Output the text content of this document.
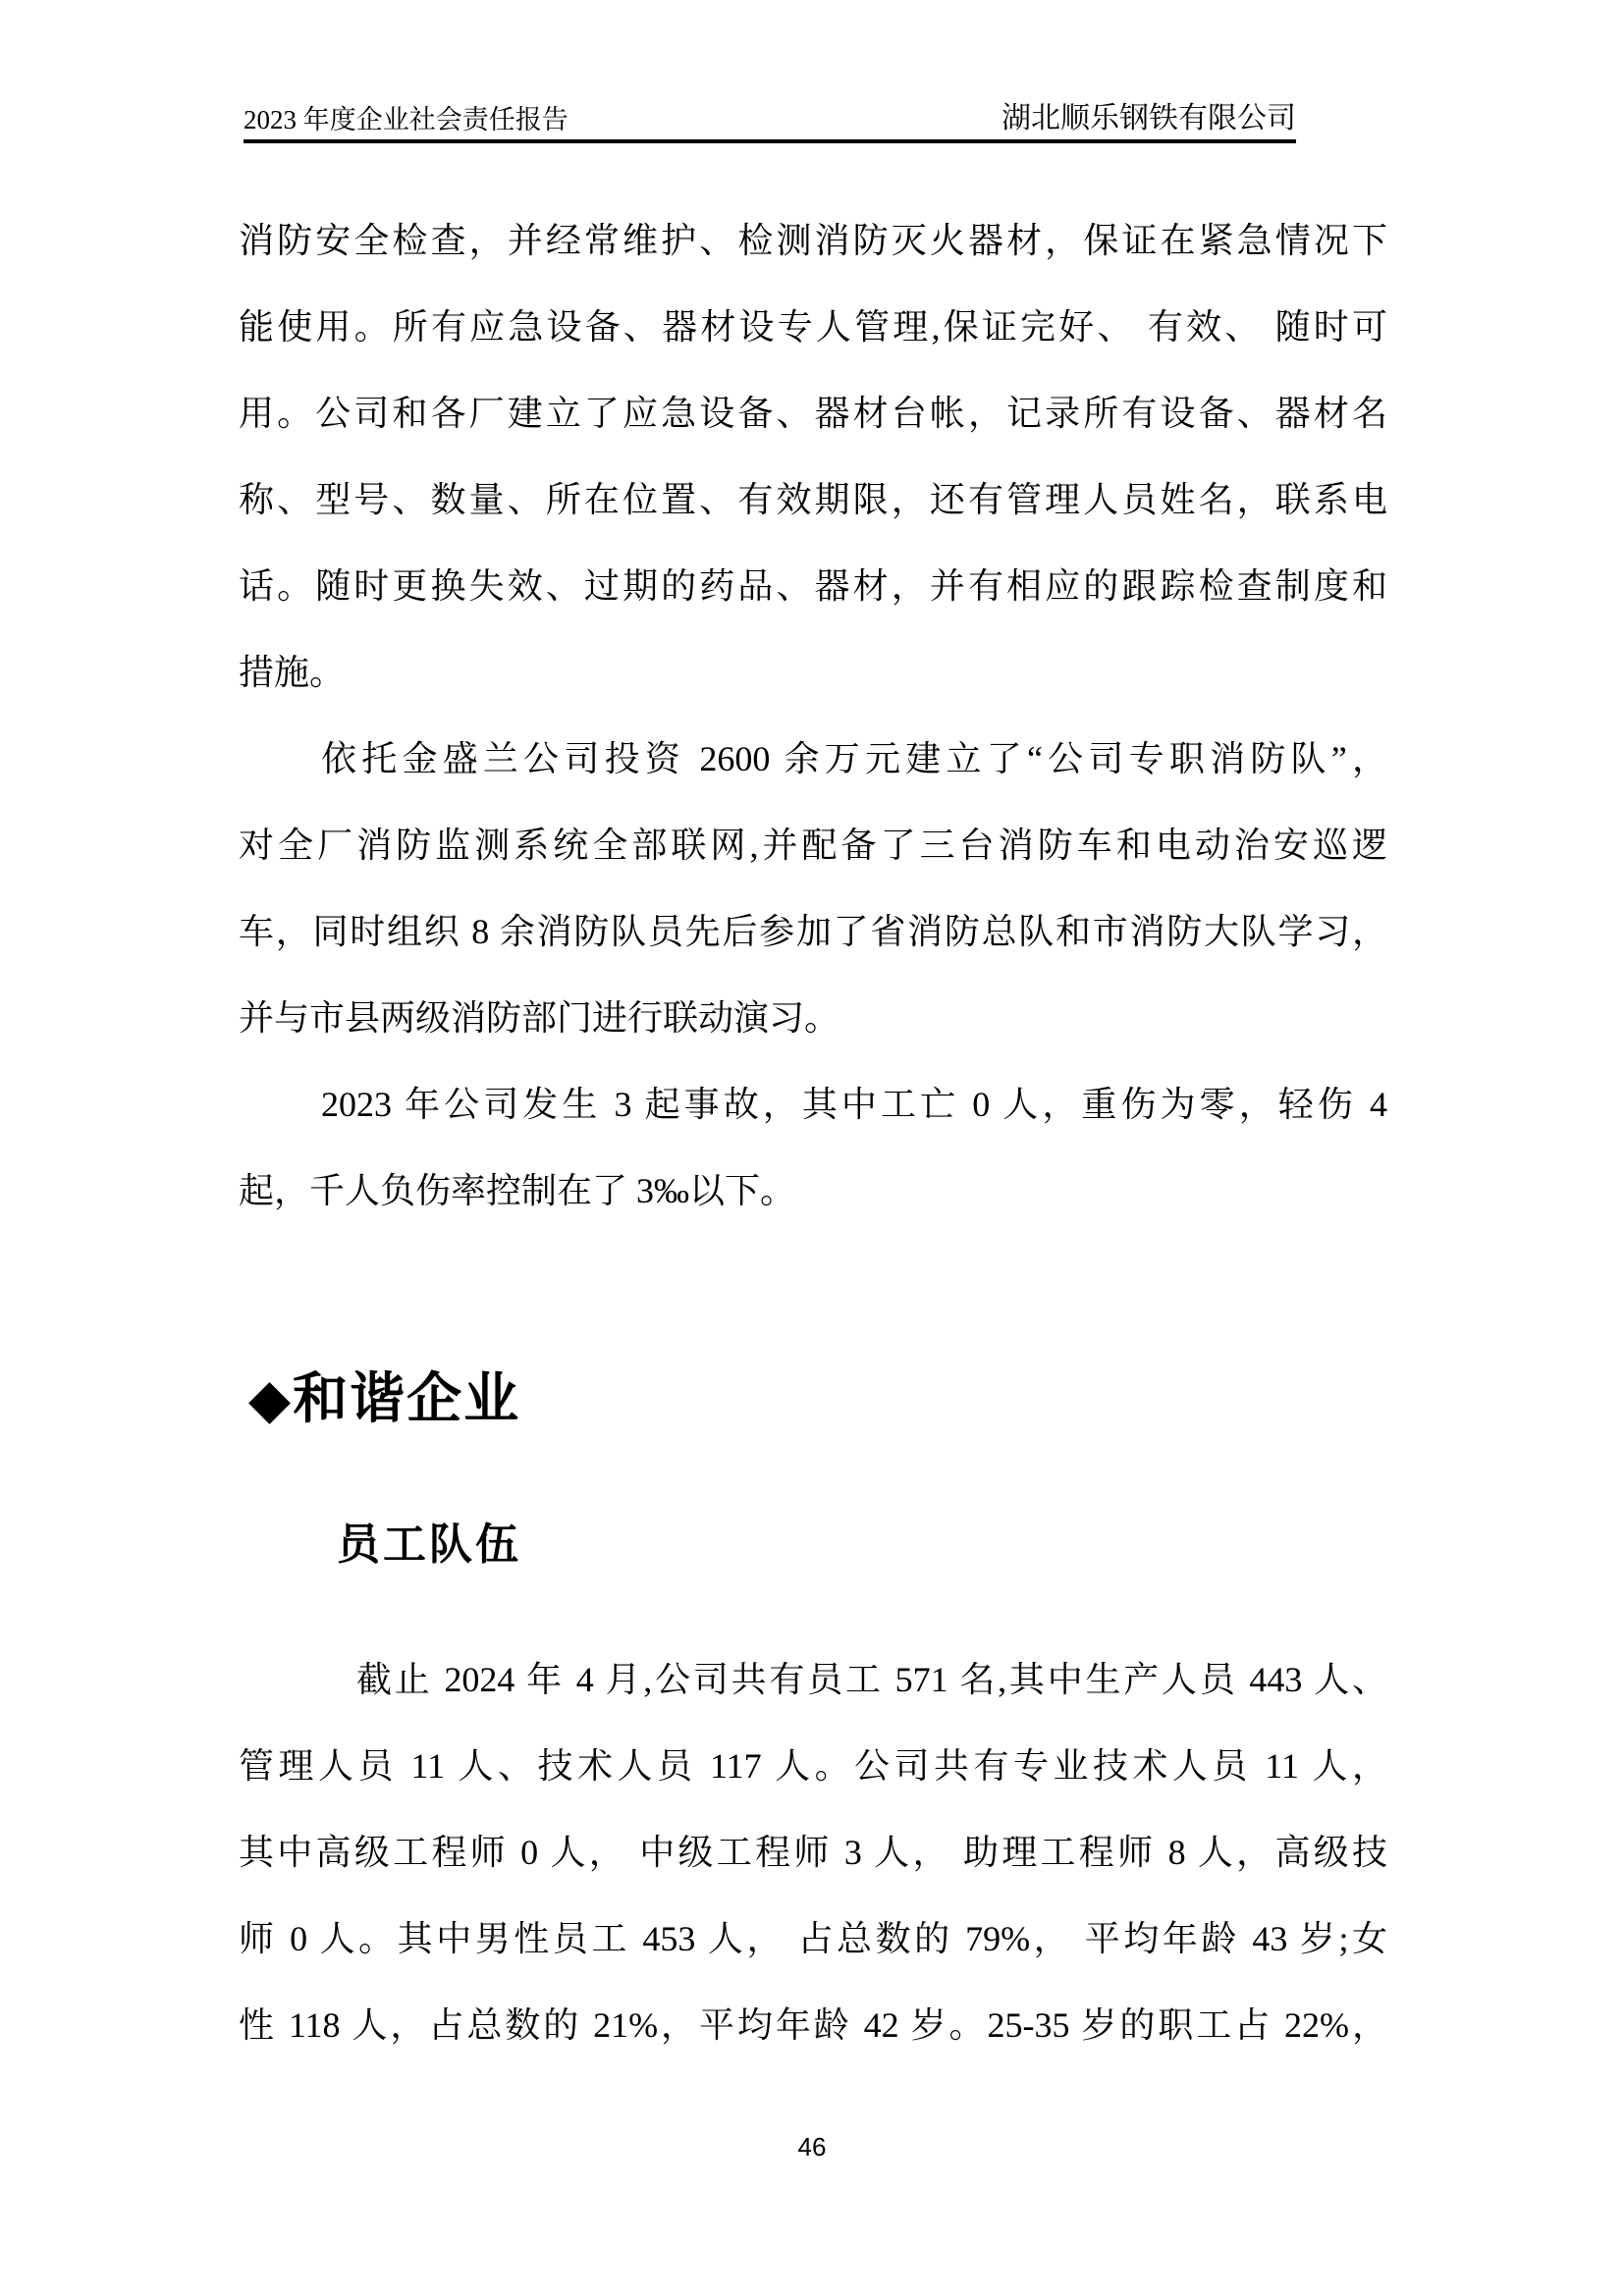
2023 年度企业社会责任报告	湖北顺乐钢铁有限公司
消防安全检查，并经常维护、检测消防灭火器材，保证在紧急情况下
能使用。所有应急设备、器材设专人管理,保证完好、 有效、 随时可
用。公司和各厂建立了应急设备、器材台帐，记录所有设备、器材名
称、型号、数量、所在位置、有效期限，还有管理人员姓名，联系电
话。随时更换失效、过期的药品、器材，并有相应的跟踪检查制度和
措施。
依托金盛兰公司投资 2600 余万元建立了“公司专职消防队”，
对全厂消防监测系统全部联网,并配备了三台消防车和电动治安巡逻
车，同时组织 8 余消防队员先后参加了省消防总队和市消防大队学习，
并与市县两级消防部门进行联动演习。
2023 年公司发生 3 起事故，其中工亡 0 人，重伤为零，轻伤 4
起，千人负伤率控制在了 3‰以下。
◆和谐企业
员工队伍
截止 2024 年 4 月,公司共有员工 571 名,其中生产人员 443 人、
管理人员 11 人、技术人员 117 人。公司共有专业技术人员 11 人，
其中高级工程师 0 人， 中级工程师 3 人， 助理工程师 8 人，高级技
师 0 人。其中男性员工 453 人， 占总数的 79%， 平均年龄 43 岁;女
性 118 人，占总数的 21%，平均年龄 42 岁。25-35 岁的职工占 22%，
46
